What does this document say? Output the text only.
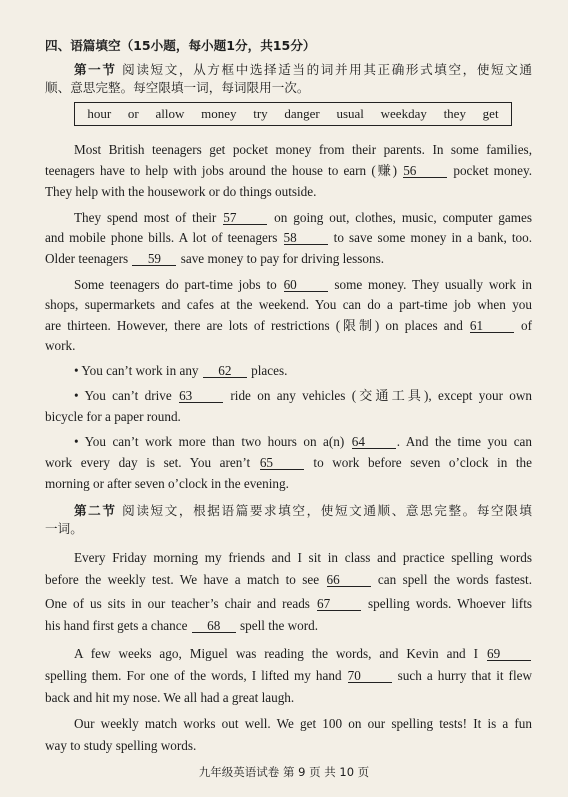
四、语篇填空（15小题，每小题1分，共15分）
第一节 阅读短文，从方框中选择适当的词并用其正确形式填空，使短文通
顺、意思完整。每空限填一词，每词限用一次。
hour or allow money try danger usual weekday they get
Most British teenagers get pocket money from their parents. In some families,
teenagers have to help with jobs around the house to earn (赚) 56 pocket money.
They help with the housework or do things outside.
They spend most of their 57 on going out, clothes, music, computer games
and mobile phone bills. A lot of teenagers 58 to save some money in a bank, too.
Older teenagers 59 save money to pay for driving lessons.
Some teenagers do part-time jobs to 60 some money. They usually work in
shops, supermarkets and cafes at the weekend. You can do a part-time job when you
are thirteen. However, there are lots of restrictions (限制) on places and 61 of
work.
• You can’t work in any 62 places.
• You can’t drive 63 ride on any vehicles (交通工具), except your own
bicycle for a paper round.
• You can’t work more than two hours on a(n) 64 . And the time you can
work every day is set. You aren’t 65 to work before seven o’clock in the
morning or after seven o’clock in the evening.
第二节 阅读短文，根据语篇要求填空，使短文通顺、意思完整。每空限填
一词。
Every Friday morning my friends and I sit in class and practice spelling words
before the weekly test. We have a match to see 66 can spell the words fastest.
One of us sits in our teacher’s chair and reads 67 spelling words. Whoever lifts
his hand first gets a chance 68 spell the word.
A few weeks ago, Miguel was reading the words, and Kevin and I 69
spelling them. For one of the words, I lifted my hand 70 such a hurry that it flew
back and hit my nose. We all had a great laugh.
Our weekly match works out well. We get 100 on our spelling tests! It is a fun
way to study spelling words.
九年级英语试卷 第 9 页 共 10 页
